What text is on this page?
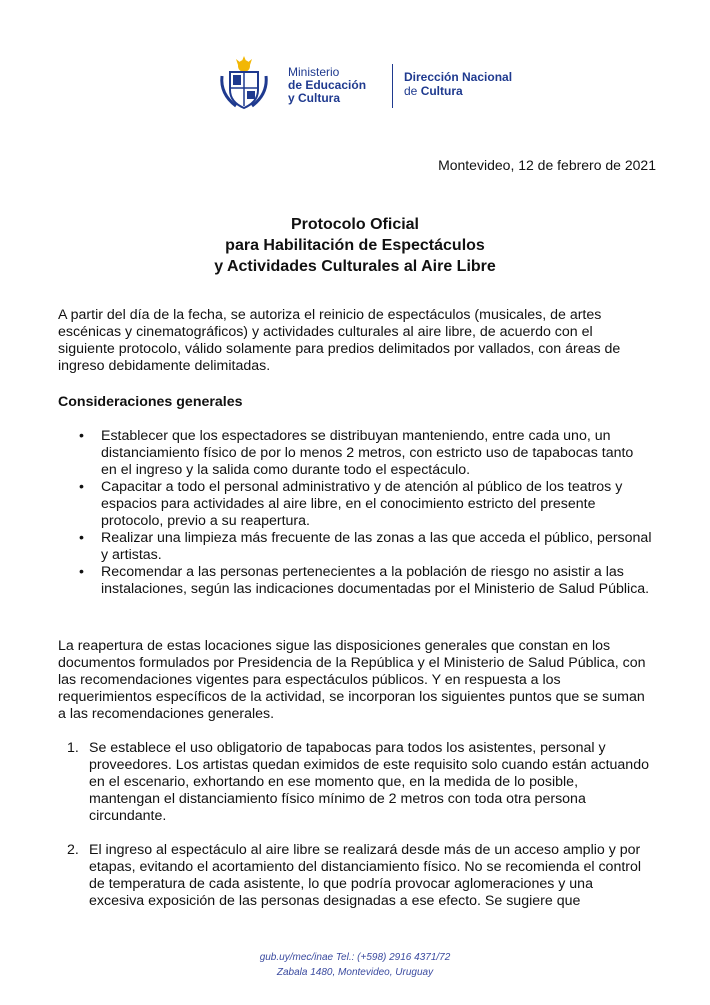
Ministerio
de Educación
y Cultura
Dirección Nacional
de Cultura
Montevideo, 12 de febrero de 2021
Protocolo Oficial
para Habilitación de Espectáculos
y Actividades Culturales al Aire Libre
A partir del día de la fecha, se autoriza el reinicio de espectáculos (musicales, de artes escénicas y cinematográficos) y actividades culturales al aire libre, de acuerdo con el siguiente protocolo, válido solamente para predios delimitados por vallados, con áreas de ingreso debidamente delimitadas.
Consideraciones generales
• Establecer que los espectadores se distribuyan manteniendo, entre cada uno, un distanciamiento físico de por lo menos 2 metros, con estricto uso de tapabocas tanto en el ingreso y la salida como durante todo el espectáculo.
• Capacitar a todo el personal administrativo y de atención al público de los teatros y espacios para actividades al aire libre, en el conocimiento estricto del presente protocolo, previo a su reapertura.
• Realizar una limpieza más frecuente de las zonas a las que acceda el público, personal y artistas.
• Recomendar a las personas pertenecientes a la población de riesgo no asistir a las instalaciones, según las indicaciones documentadas por el Ministerio de Salud Pública.
La reapertura de estas locaciones sigue las disposiciones generales que constan en los documentos formulados por Presidencia de la República y el Ministerio de Salud Pública, con las recomendaciones vigentes para espectáculos públicos. Y en respuesta a los requerimientos específicos de la actividad, se incorporan los siguientes puntos que se suman a las recomendaciones generales.
1. Se establece el uso obligatorio de tapabocas para todos los asistentes, personal y proveedores. Los artistas quedan eximidos de este requisito solo cuando están actuando en el escenario, exhortando en ese momento que, en la medida de lo posible, mantengan el distanciamiento físico mínimo de 2 metros con toda otra persona circundante.
2. El ingreso al espectáculo al aire libre se realizará desde más de un acceso amplio y por etapas, evitando el acortamiento del distanciamiento físico. No se recomienda el control de temperatura de cada asistente, lo que podría provocar aglomeraciones y una excesiva exposición de las personas designadas a ese efecto. Se sugiere que
gub.uy/mec/inae Tel.: (+598) 2916 4371/72
Zabala 1480, Montevideo, Uruguay
